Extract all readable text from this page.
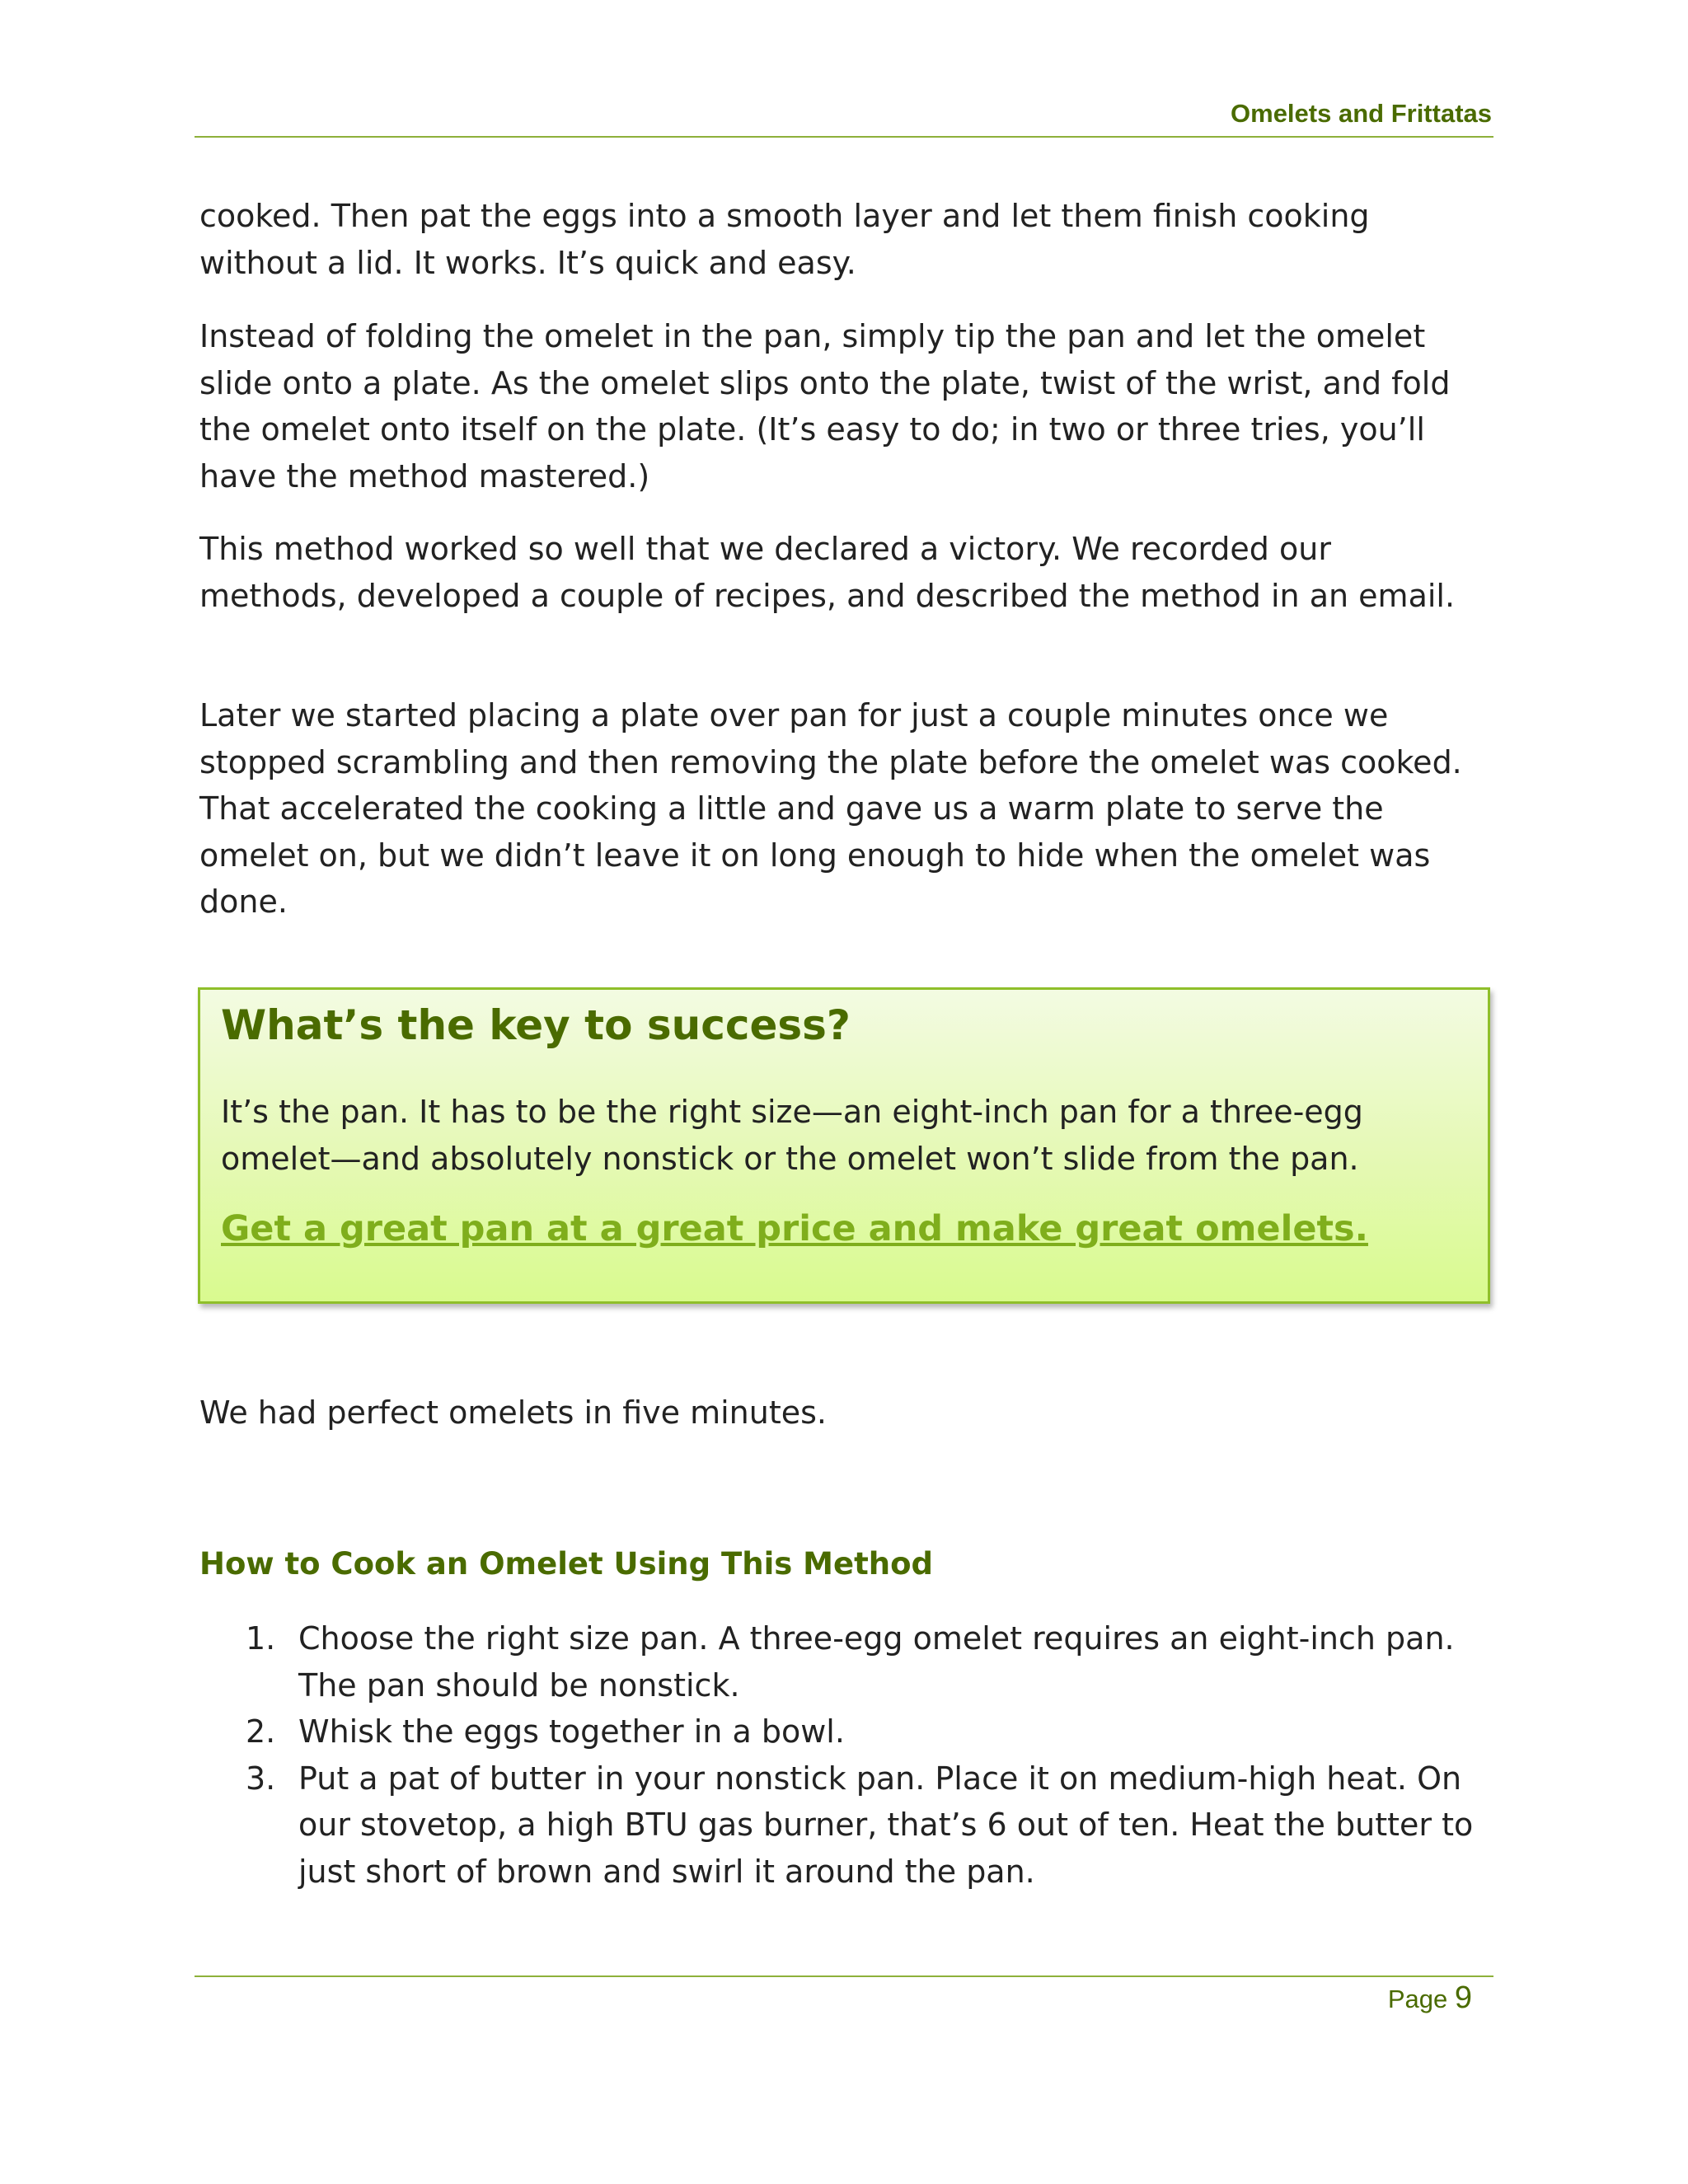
Omelets and Frittatas

cooked. Then pat the eggs into a smooth layer and let them finish cooking without a lid. It works. It’s quick and easy.

Instead of folding the omelet in the pan, simply tip the pan and let the omelet slide onto a plate. As the omelet slips onto the plate, twist of the wrist, and fold the omelet onto itself on the plate. (It’s easy to do; in two or three tries, you’ll have the method mastered.)

This method worked so well that we declared a victory. We recorded our methods, developed a couple of recipes, and described the method in an email.

Later we started placing a plate over pan for just a couple minutes once we stopped scrambling and then removing the plate before the omelet was cooked. That accelerated the cooking a little and gave us a warm plate to serve the omelet on, but we didn’t leave it on long enough to hide when the omelet was done.

What’s the key to success?

It’s the pan. It has to be the right size—an eight-inch pan for a three-egg omelet—and absolutely nonstick or the omelet won’t slide from the pan.

Get a great pan at a great price and make great omelets.

We had perfect omelets in five minutes.

How to Cook an Omelet Using This Method
1. Choose the right size pan. A three-egg omelet requires an eight-inch pan. The pan should be nonstick.
2. Whisk the eggs together in a bowl.
3. Put a pat of butter in your nonstick pan. Place it on medium-high heat. On our stovetop, a high BTU gas burner, that’s 6 out of ten. Heat the butter to just short of brown and swirl it around the pan.
Page 9
